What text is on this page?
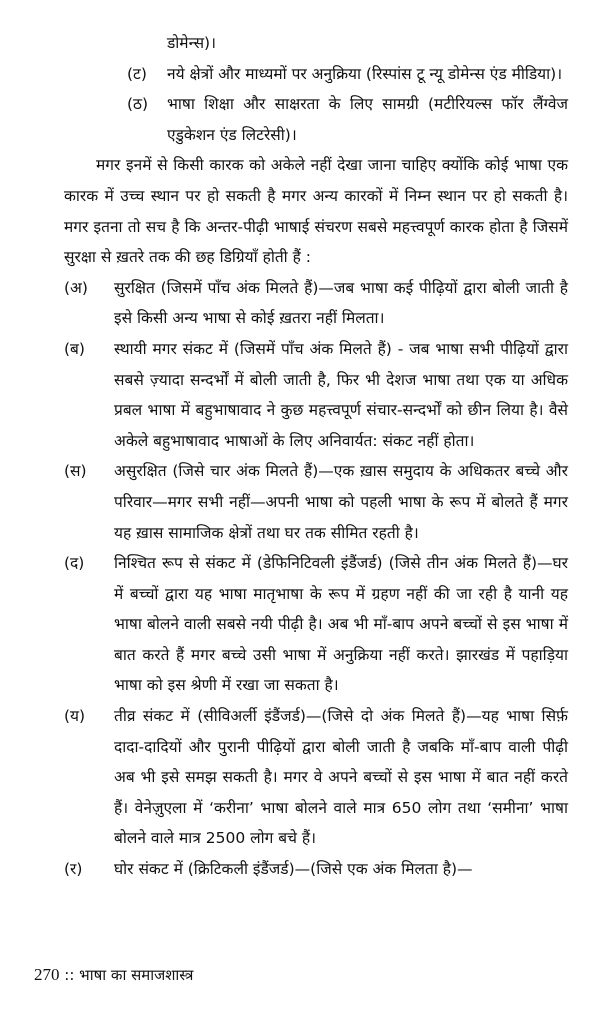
डोमेन्स)।

(ट) नये क्षेत्रों और माध्यमों पर अनुक्रिया (रिस्पांस टू न्यू डोमेन्स एंड मीडिया)।
(ठ) भाषा शिक्षा और साक्षरता के लिए सामग्री (मटीरियल्स फॉर लैंग्वेज एडुकेशन एंड लिटरेसी)।

मगर इनमें से किसी कारक को अकेले नहीं देखा जाना चाहिए क्योंकि कोई भाषा एक कारक में उच्च स्थान पर हो सकती है मगर अन्य कारकों में निम्न स्थान पर हो सकती है। मगर इतना तो सच है कि अन्तर-पीढ़ी भाषाई संचरण सबसे महत्त्वपूर्ण कारक होता है जिसमें सुरक्षा से ख़तरे तक की छह डिग्रियाँ होती हैं :

(अ) सुरक्षित (जिसमें पाँच अंक मिलते हैं)—जब भाषा कई पीढ़ियों द्वारा बोली जाती है इसे किसी अन्य भाषा से कोई ख़तरा नहीं मिलता।
(ब) स्थायी मगर संकट में (जिसमें पाँच अंक मिलते हैं) - जब भाषा सभी पीढ़ियों द्वारा सबसे ज़्यादा सन्दर्भों में बोली जाती है, फिर भी देशज भाषा तथा एक या अधिक प्रबल भाषा में बहुभाषावाद ने कुछ महत्त्वपूर्ण संचार-सन्दर्भों को छीन लिया है। वैसे अकेले बहुभाषावाद भाषाओं के लिए अनिवार्यत: संकट नहीं होता।
(स) असुरक्षित (जिसे चार अंक मिलते हैं)—एक ख़ास समुदाय के अधिकतर बच्चे और परिवार—मगर सभी नहीं—अपनी भाषा को पहली भाषा के रूप में बोलते हैं मगर यह ख़ास सामाजिक क्षेत्रों तथा घर तक सीमित रहती है।
(द) निश्चित रूप से संकट में (डेफिनिटिवली इंडैंजर्ड) (जिसे तीन अंक मिलते हैं)—घर में बच्चों द्वारा यह भाषा मातृभाषा के रूप में ग्रहण नहीं की जा रही है यानी यह भाषा बोलने वाली सबसे नयी पीढ़ी है। अब भी माँ-बाप अपने बच्चों से इस भाषा में बात करते हैं मगर बच्चे उसी भाषा में अनुक्रिया नहीं करते। झारखंड में पहाड़िया भाषा को इस श्रेणी में रखा जा सकता है।
(य) तीव्र संकट में (सीविअर्ली इंडैंजर्ड)—(जिसे दो अंक मिलते हैं)—यह भाषा सिर्फ़ दादा-दादियों और पुरानी पीढ़ियों द्वारा बोली जाती है जबकि माँ-बाप वाली पीढ़ी अब भी इसे समझ सकती है। मगर वे अपने बच्चों से इस भाषा में बात नहीं करते हैं। वेनेज़ुएला में ‘करीना’ भाषा बोलने वाले मात्र 650 लोग तथा ‘समीना’ भाषा बोलने वाले मात्र 2500 लोग बचे हैं।
(र) घोर संकट में (क्रिटिकली इंडैंजर्ड)—(जिसे एक अंक मिलता है)—
270 :: भाषा का समाजशास्त्र
